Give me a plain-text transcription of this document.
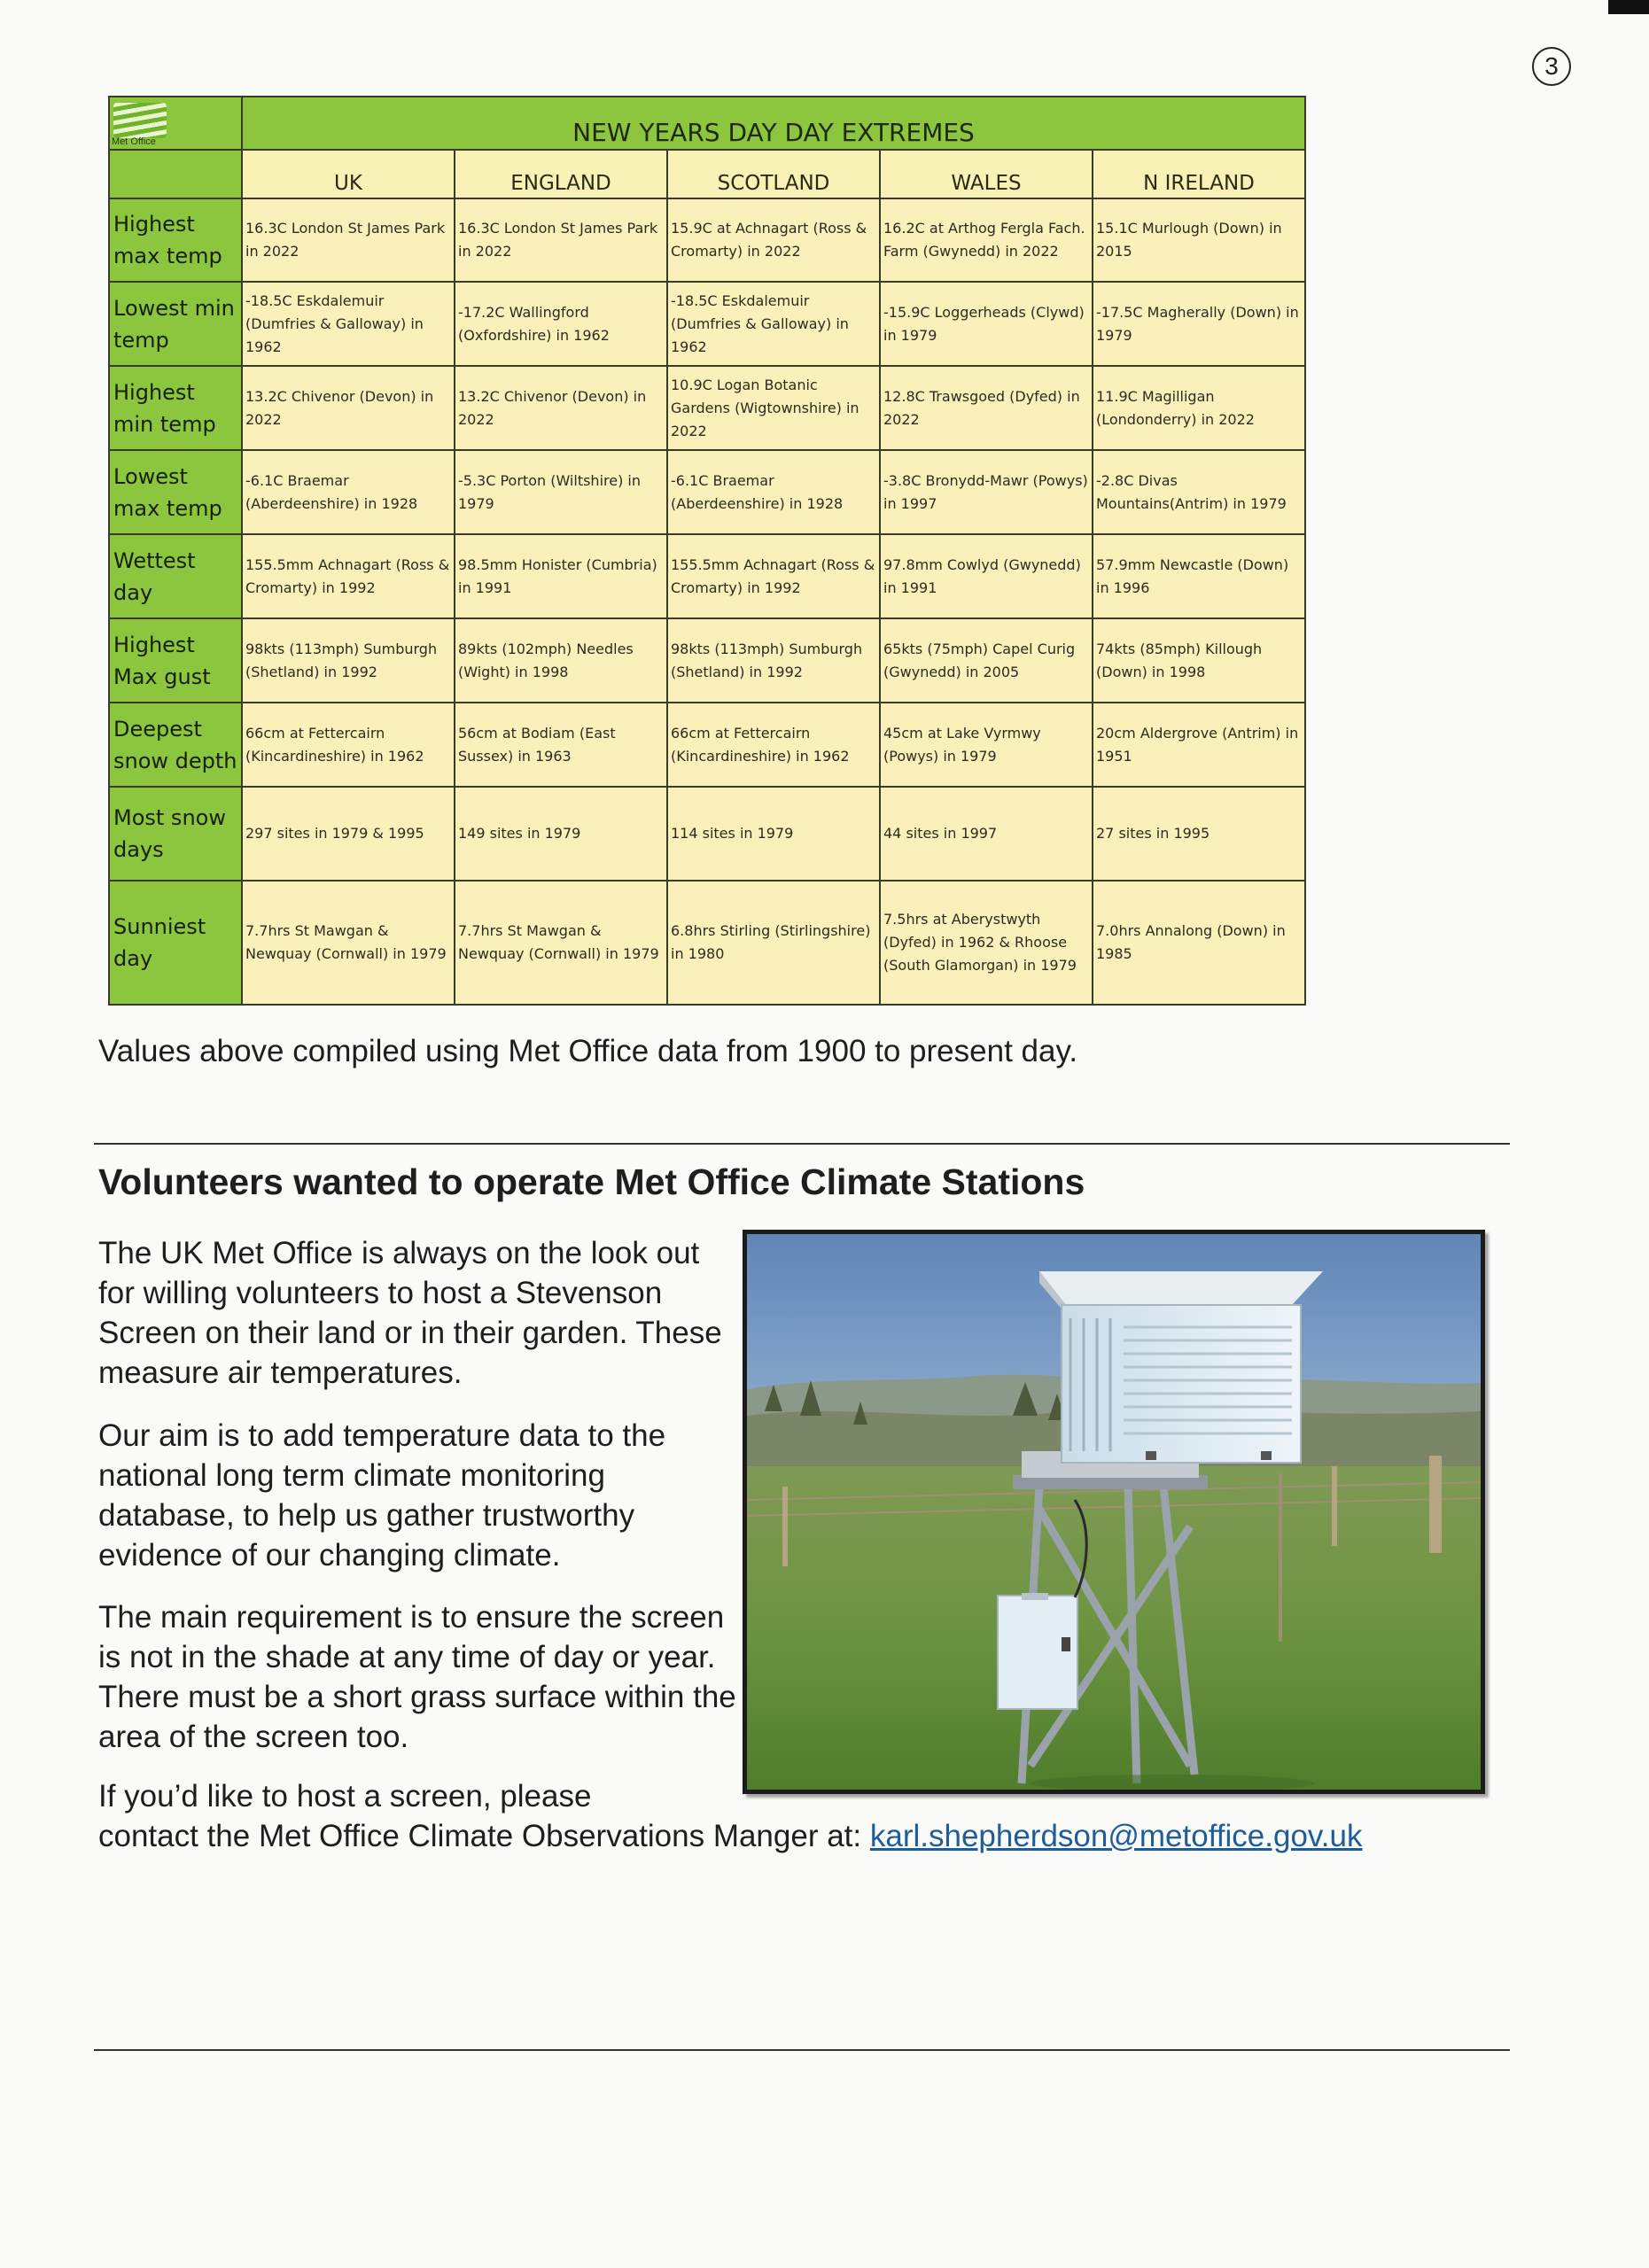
3
Met Office	NEW YEARS DAY DAY EXTREMES				
	UK	ENGLAND	SCOTLAND	WALES	N IRELAND
Highest max temp	16.3C London St James Park in 2022	16.3C London St James Park in 2022	15.9C at Achnagart (Ross & Cromarty) in 2022	16.2C at Arthog Fergla Fach. Farm (Gwynedd) in 2022	15.1C Murlough (Down) in 2015
Lowest min temp	-18.5C Eskdalemuir (Dumfries & Galloway) in 1962	-17.2C Wallingford (Oxfordshire) in 1962	-18.5C Eskdalemuir (Dumfries & Galloway) in 1962	-15.9C Loggerheads (Clywd) in 1979	-17.5C Magherally (Down) in 1979
Highest min temp	13.2C Chivenor (Devon) in 2022	13.2C Chivenor (Devon) in 2022	10.9C Logan Botanic Gardens (Wigtownshire) in 2022	12.8C Trawsgoed (Dyfed) in 2022	11.9C Magilligan (Londonderry) in 2022
Lowest max temp	-6.1C Braemar (Aberdeenshire) in 1928	-5.3C Porton (Wiltshire) in 1979	-6.1C Braemar (Aberdeenshire) in 1928	-3.8C Bronydd-Mawr (Powys) in 1997	-2.8C Divas Mountains(Antrim) in 1979
Wettest day	155.5mm Achnagart (Ross & Cromarty) in 1992	98.5mm Honister (Cumbria) in 1991	155.5mm Achnagart (Ross & Cromarty) in 1992	97.8mm Cowlyd (Gwynedd) in 1991	57.9mm Newcastle (Down) in 1996
Highest Max gust	98kts (113mph) Sumburgh (Shetland) in 1992	89kts (102mph) Needles (Wight) in 1998	98kts (113mph) Sumburgh (Shetland) in 1992	65kts (75mph) Capel Curig (Gwynedd) in 2005	74kts (85mph) Killough (Down) in 1998
Deepest snow depth	66cm at Fettercairn (Kincardineshire) in 1962	56cm at Bodiam (East Sussex) in 1963	66cm at Fettercairn (Kincardineshire) in 1962	45cm at Lake Vyrmwy (Powys) in 1979	20cm Aldergrove (Antrim) in 1951
Most snow days	297 sites in 1979 & 1995	149 sites in 1979	114 sites in 1979	44 sites in 1997	27 sites in 1995
Sunniest day	7.7hrs St Mawgan & Newquay (Cornwall) in 1979	7.7hrs St Mawgan & Newquay (Cornwall) in 1979	6.8hrs Stirling (Stirlingshire) in 1980	7.5hrs at Aberystwyth (Dyfed) in 1962 & Rhoose (South Glamorgan) in 1979	7.0hrs Annalong (Down) in 1985
Values above compiled using Met Office data from 1900 to present day.
Volunteers wanted to operate Met Office Climate Stations

The UK Met Office is always on the look out for willing volunteers to host a Stevenson Screen on their land or in their garden. These measure air temperatures.

Our aim is to add temperature data to the national long term climate monitoring database, to help us gather trustworthy evidence of our changing climate.

The main requirement is to ensure the screen is not in the shade at any time of day or year. There must be a short grass surface within the area of the screen too.

If you’d like to host a screen, please
contact the Met Office Climate Observations Manger at: karl.shepherdson@metoffice.gov.uk
